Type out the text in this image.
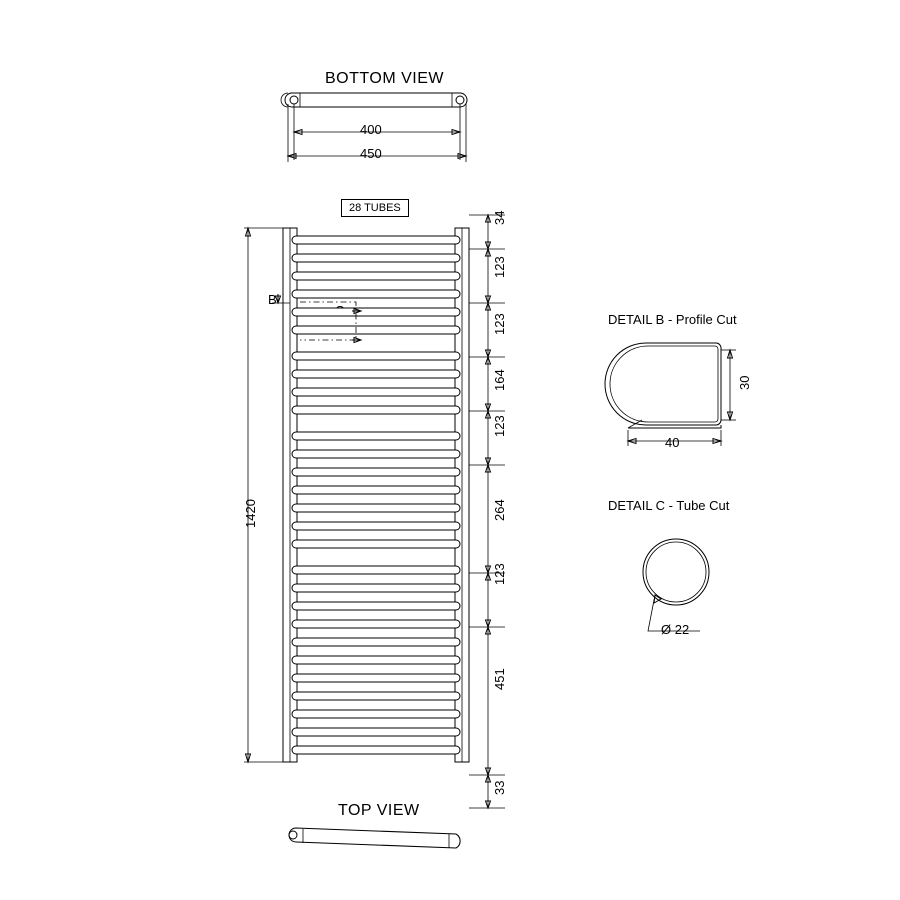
BOTTOM VIEW
TOP VIEW
DETAIL B - Profile Cut
DETAIL C - Tube Cut
28 TUBES
400
450
1420
B
34
123
123
164
123
264
123
451
33
40
30
Ø 22
